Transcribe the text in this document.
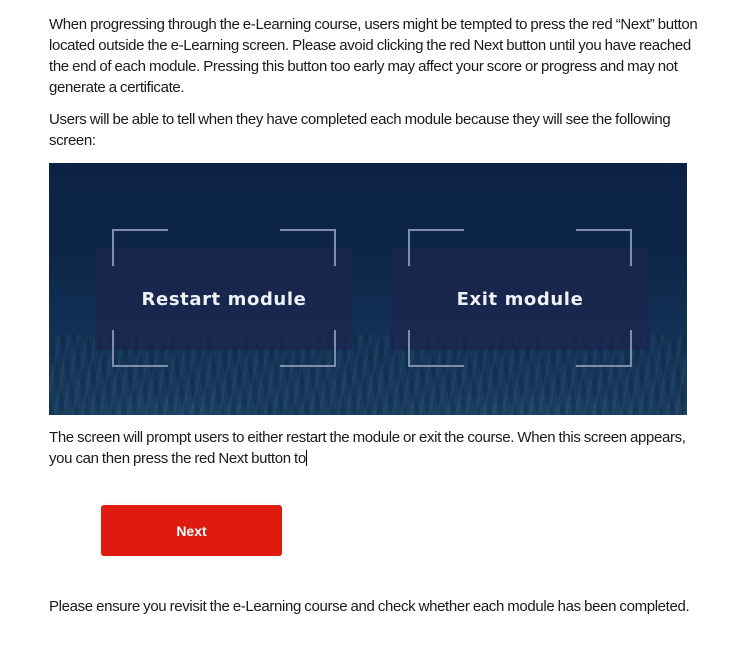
When progressing through the e-Learning course, users might be tempted to press the red “Next” button located outside the e-Learning screen. Please avoid clicking the red Next button until you have reached the end of each module. Pressing this button too early may affect your score or progress and may not generate a certificate.

Users will be able to tell when they have completed each module because they will see the following screen:

Restart module	Exit module

The screen will prompt users to either restart the module or exit the course. When this screen appears, you can then press the red Next button to

Next

Please ensure you revisit the e-Learning course and check whether each module has been completed.
